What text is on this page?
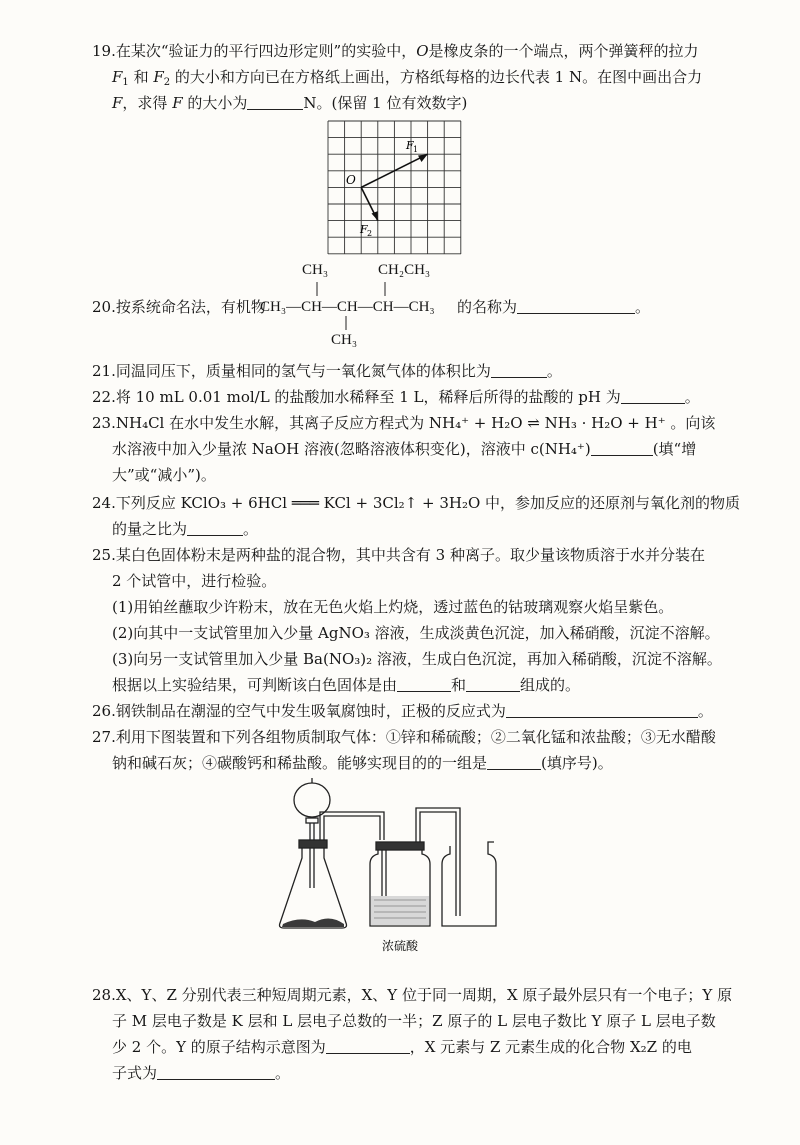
19.在某次“验证力的平行四边形定则”的实验中，O是橡皮条的一个端点，两个弹簧秤的拉力
$F_1$ 和 $F_2$ 的大小和方向已在方格纸上画出，方格纸每格的边长代表 1 N。在图中画出合力
F，求得 F 的大小为	N。(保留 1 位有效数字)
O
F 1
F 2
CH₃	CH₂CH₃
20.按系统命名法，有机物
CH₃—CH—CH—CH—CH₃ 的名称为	。
CH₃
21.同温同压下，质量相同的氢气与一氧化氮气体的体积比为	。
22.将 10 mL 0.01 mol/L 的盐酸加水稀释至 1 L，稀释后所得的盐酸的 pH 为	。
23.NH₄Cl 在水中发生水解，其离子反应方程式为 NH₄⁺ + H₂O ⇌ NH₃ · H₂O + H⁺ 。向该
水溶液中加入少量浓 NaOH 溶液(忽略溶液体积变化)，溶液中 c(NH₄⁺)	(填“增
大”或“减小”)。
24.下列反应 KClO₃ + 6HCl ═══ KCl + 3Cl₂↑ + 3H₂O 中，参加反应的还原剂与氧化剂的物质
的量之比为	。
25.某白色固体粉末是两种盐的混合物，其中共含有 3 种离子。取少量该物质溶于水并分装在
2 个试管中，进行检验。
(1)用铂丝蘸取少许粉末，放在无色火焰上灼烧，透过蓝色的钴玻璃观察火焰呈紫色。
(2)向其中一支试管里加入少量 AgNO₃ 溶液，生成淡黄色沉淀，加入稀硝酸，沉淀不溶解。
(3)向另一支试管里加入少量 Ba(NO₃)₂ 溶液，生成白色沉淀，再加入稀硝酸，沉淀不溶解。
根据以上实验结果，可判断该白色固体是由	和	组成的。
26.钢铁制品在潮湿的空气中发生吸氧腐蚀时，正极的反应式为	。
27.利用下图装置和下列各组物质制取气体：①锌和稀硫酸；②二氧化锰和浓盐酸；③无水醋酸
钠和碱石灰；④碳酸钙和稀盐酸。能够实现目的的一组是	(填序号)。
浓硫酸
28.X、Y、Z 分别代表三种短周期元素，X、Y 位于同一周期，X 原子最外层只有一个电子；Y 原
子 M 层电子数是 K 层和 L 层电子总数的一半；Z 原子的 L 层电子数比 Y 原子 L 层电子数
少 2 个。Y 的原子结构示意图为	，X 元素与 Z 元素生成的化合物 X₂Z 的电
子式为	。
